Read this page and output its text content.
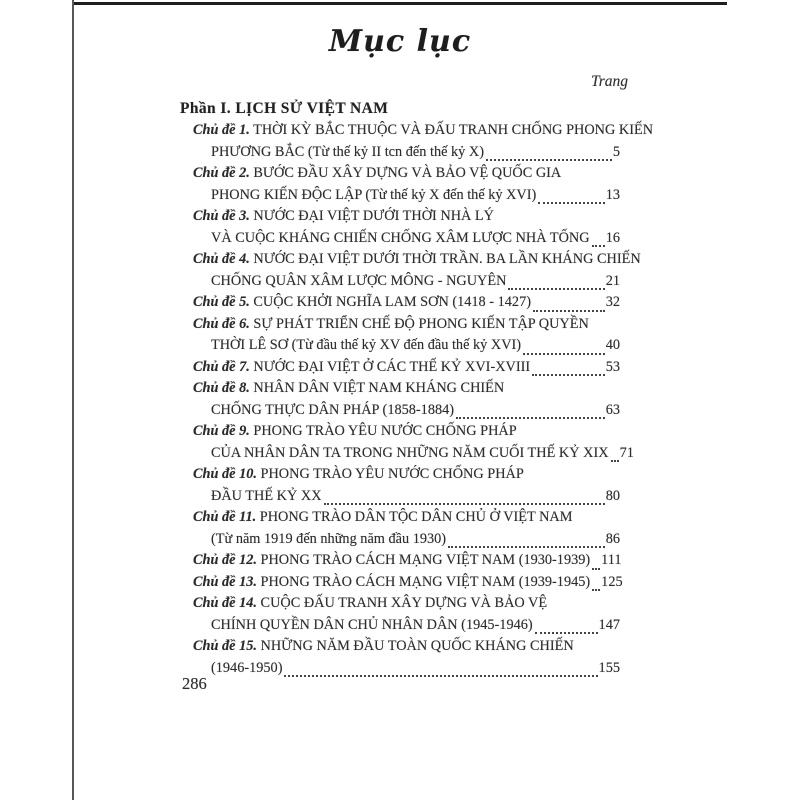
Mục lục
Trang
Phần I. LỊCH SỬ VIỆT NAM
Chủ đề 1. THỜI KỲ BẮC THUỘC VÀ ĐẤU TRANH CHỐNG PHONG KIẾN
PHƯƠNG BẮC (Từ thế kỷ II tcn đến thế kỷ X)	5
Chủ đề 2. BƯỚC ĐẦU XÂY DỰNG VÀ BẢO VỆ QUỐC GIA
PHONG KIẾN ĐỘC LẬP (Từ thế kỷ X đến thế kỷ XVI)	13
Chủ đề 3. NƯỚC ĐẠI VIỆT DƯỚI THỜI NHÀ LÝ
VÀ CUỘC KHÁNG CHIẾN CHỐNG XÂM LƯỢC NHÀ TỐNG 16
Chủ đề 4. NƯỚC ĐẠI VIỆT DƯỚI THỜI TRẦN. BA LẦN KHÁNG CHIẾN
CHỐNG QUÂN XÂM LƯỢC MÔNG - NGUYÊN	21
Chủ đề 5. CUỘC KHỞI NGHĨA LAM SƠN (1418 - 1427)	32
Chủ đề 6. SỰ PHÁT TRIỂN CHẾ ĐỘ PHONG KIẾN TẬP QUYỀN
THỜI LÊ SƠ (Từ đầu thế kỷ XV đến đầu thế kỷ XVI)	40
Chủ đề 7. NƯỚC ĐẠI VIỆT Ở CÁC THẾ KỶ XVI-XVIII	53
Chủ đề 8. NHÂN DÂN VIỆT NAM KHÁNG CHIẾN
CHỐNG THỰC DÂN PHÁP (1858-1884)	63
Chủ đề 9. PHONG TRÀO YÊU NƯỚC CHỐNG PHÁP
CỦA NHÂN DÂN TA TRONG NHỮNG NĂM CUỐI THẾ KỶ XIX 71
Chủ đề 10. PHONG TRÀO YÊU NƯỚC CHỐNG PHÁP
ĐẦU THẾ KỶ XX	80
Chủ đề 11. PHONG TRÀO DÂN TỘC DÂN CHỦ Ở VIỆT NAM
(Từ năm 1919 đến những năm đầu 1930)	86
Chủ đề 12. PHONG TRÀO CÁCH MẠNG VIỆT NAM (1930-1939) 111
Chủ đề 13. PHONG TRÀO CÁCH MẠNG VIỆT NAM (1939-1945) 125
Chủ đề 14. CUỘC ĐẤU TRANH XÂY DỰNG VÀ BẢO VỆ
CHÍNH QUYỀN DÂN CHỦ NHÂN DÂN (1945-1946)	147
Chủ đề 15. NHỮNG NĂM ĐẦU TOÀN QUỐC KHÁNG CHIẾN
(1946-1950)	155
286
